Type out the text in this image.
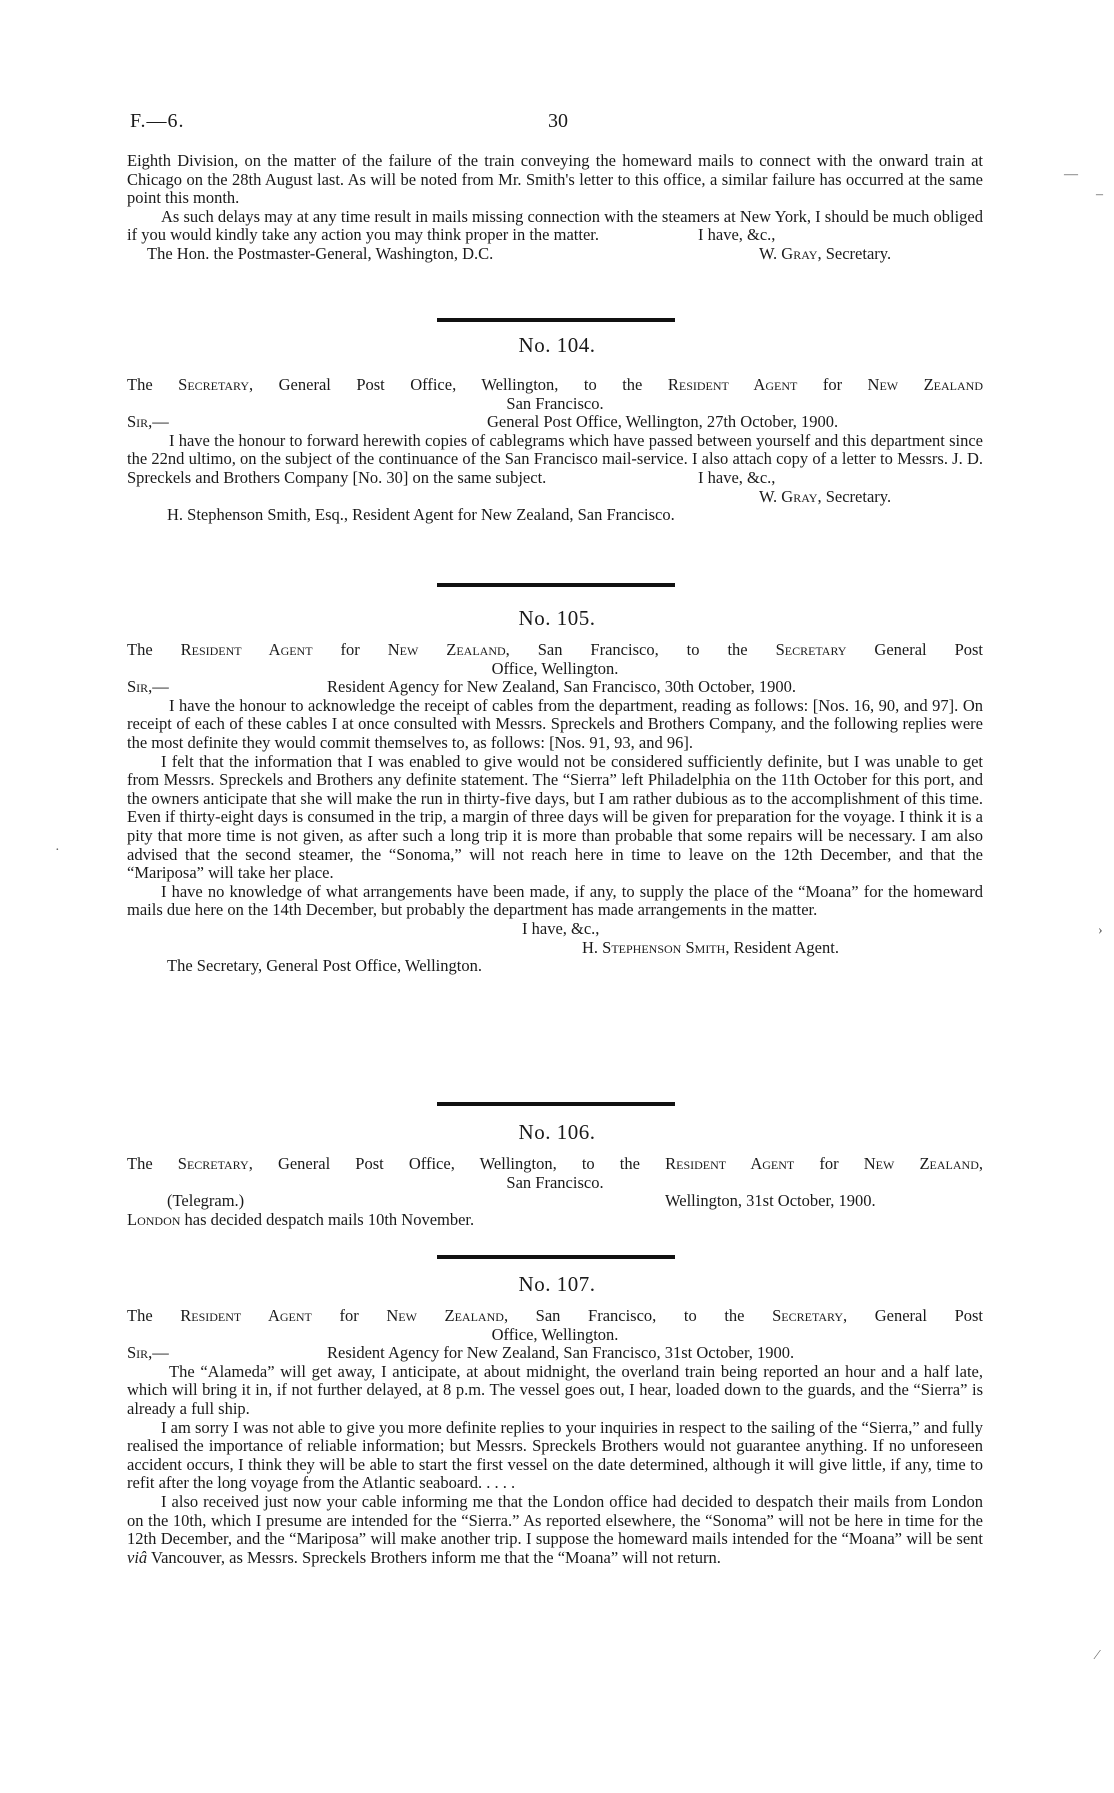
F.—6.	30

Eighth Division, on the matter of the failure of the train conveying the homeward mails to connect with the onward train at Chicago on the 28th August last. As will be noted from Mr. Smith's letter to this office, a similar failure has occurred at the same point this month.

As such delays may at any time result in mails missing connection with the steamers at New York, I should be much obliged if you would kindly take any action you may think proper in the matter.	I have, &c.,
The Hon. the Postmaster-General, Washington, D.C.	W. Gray, Secretary.
No. 104.

The Secretary, General Post Office, Wellington, to the Resident Agent for New Zealand

San Francisco.

Sir,—	General Post Office, Wellington, 27th October, 1900.

I have the honour to forward herewith copies of cablegrams which have passed between yourself and this department since the 22nd ultimo, on the subject of the continuance of the San Francisco mail-service. I also attach copy of a letter to Messrs. J. D. Spreckels and Brothers Company [No. 30] on the same subject.	I have, &c.,
W. Gray, Secretary.
H. Stephenson Smith, Esq., Resident Agent for New Zealand, San Francisco.
No. 105.

The Resident Agent for New Zealand, San Francisco, to the Secretary General Post

Office, Wellington.

Sir,—	Resident Agency for New Zealand, San Francisco, 30th October, 1900.

I have the honour to acknowledge the receipt of cables from the department, reading as follows: [Nos. 16, 90, and 97]. On receipt of each of these cables I at once consulted with Messrs. Spreckels and Brothers Company, and the following replies were the most definite they would commit themselves to, as follows: [Nos. 91, 93, and 96].

I felt that the information that I was enabled to give would not be considered sufficiently definite, but I was unable to get from Messrs. Spreckels and Brothers any definite statement. The “Sierra” left Philadelphia on the 11th October for this port, and the owners anticipate that she will make the run in thirty-five days, but I am rather dubious as to the accomplishment of this time. Even if thirty-eight days is consumed in the trip, a margin of three days will be given for preparation for the voyage. I think it is a pity that more time is not given, as after such a long trip it is more than probable that some repairs will be necessary. I am also advised that the second steamer, the “Sonoma,” will not reach here in time to leave on the 12th December, and that the “Mariposa” will take her place.

I have no knowledge of what arrangements have been made, if any, to supply the place of the “Moana” for the homeward mails due here on the 14th December, but probably the department has made arrangements in the matter.

I have, &c.,
H. Stephenson Smith, Resident Agent.
The Secretary, General Post Office, Wellington.
No. 106.

The Secretary, General Post Office, Wellington, to the Resident Agent for New Zealand,

San Francisco.

(Telegram.)	Wellington, 31st October, 1900.
London has decided despatch mails 10th November.
No. 107.

The Resident Agent for New Zealand, San Francisco, to the Secretary, General Post

Office, Wellington.

Sir,—	Resident Agency for New Zealand, San Francisco, 31st October, 1900.

The “Alameda” will get away, I anticipate, at about midnight, the overland train being reported an hour and a half late, which will bring it in, if not further delayed, at 8 p.m. The vessel goes out, I hear, loaded down to the guards, and the “Sierra” is already a full ship.

I am sorry I was not able to give you more definite replies to your inquiries in respect to the sailing of the “Sierra,” and fully realised the importance of reliable information; but Messrs. Spreckels Brothers would not guarantee anything. If no unforeseen accident occurs, I think they will be able to start the first vessel on the date determined, although it will give little, if any, time to refit after the long voyage from the Atlantic seaboard. . . . .

I also received just now your cable informing me that the London office had decided to despatch their mails from London on the 10th, which I presume are intended for the “Sierra.” As reported elsewhere, the “Sonoma” will not be here in time for the 12th December, and the “Mariposa” will make another trip. I suppose the homeward mails intended for the “Moana” will be sent viâ Vancouver, as Messrs. Spreckels Brothers inform me that the “Moana” will not return.

—
–
›
·
⁄
